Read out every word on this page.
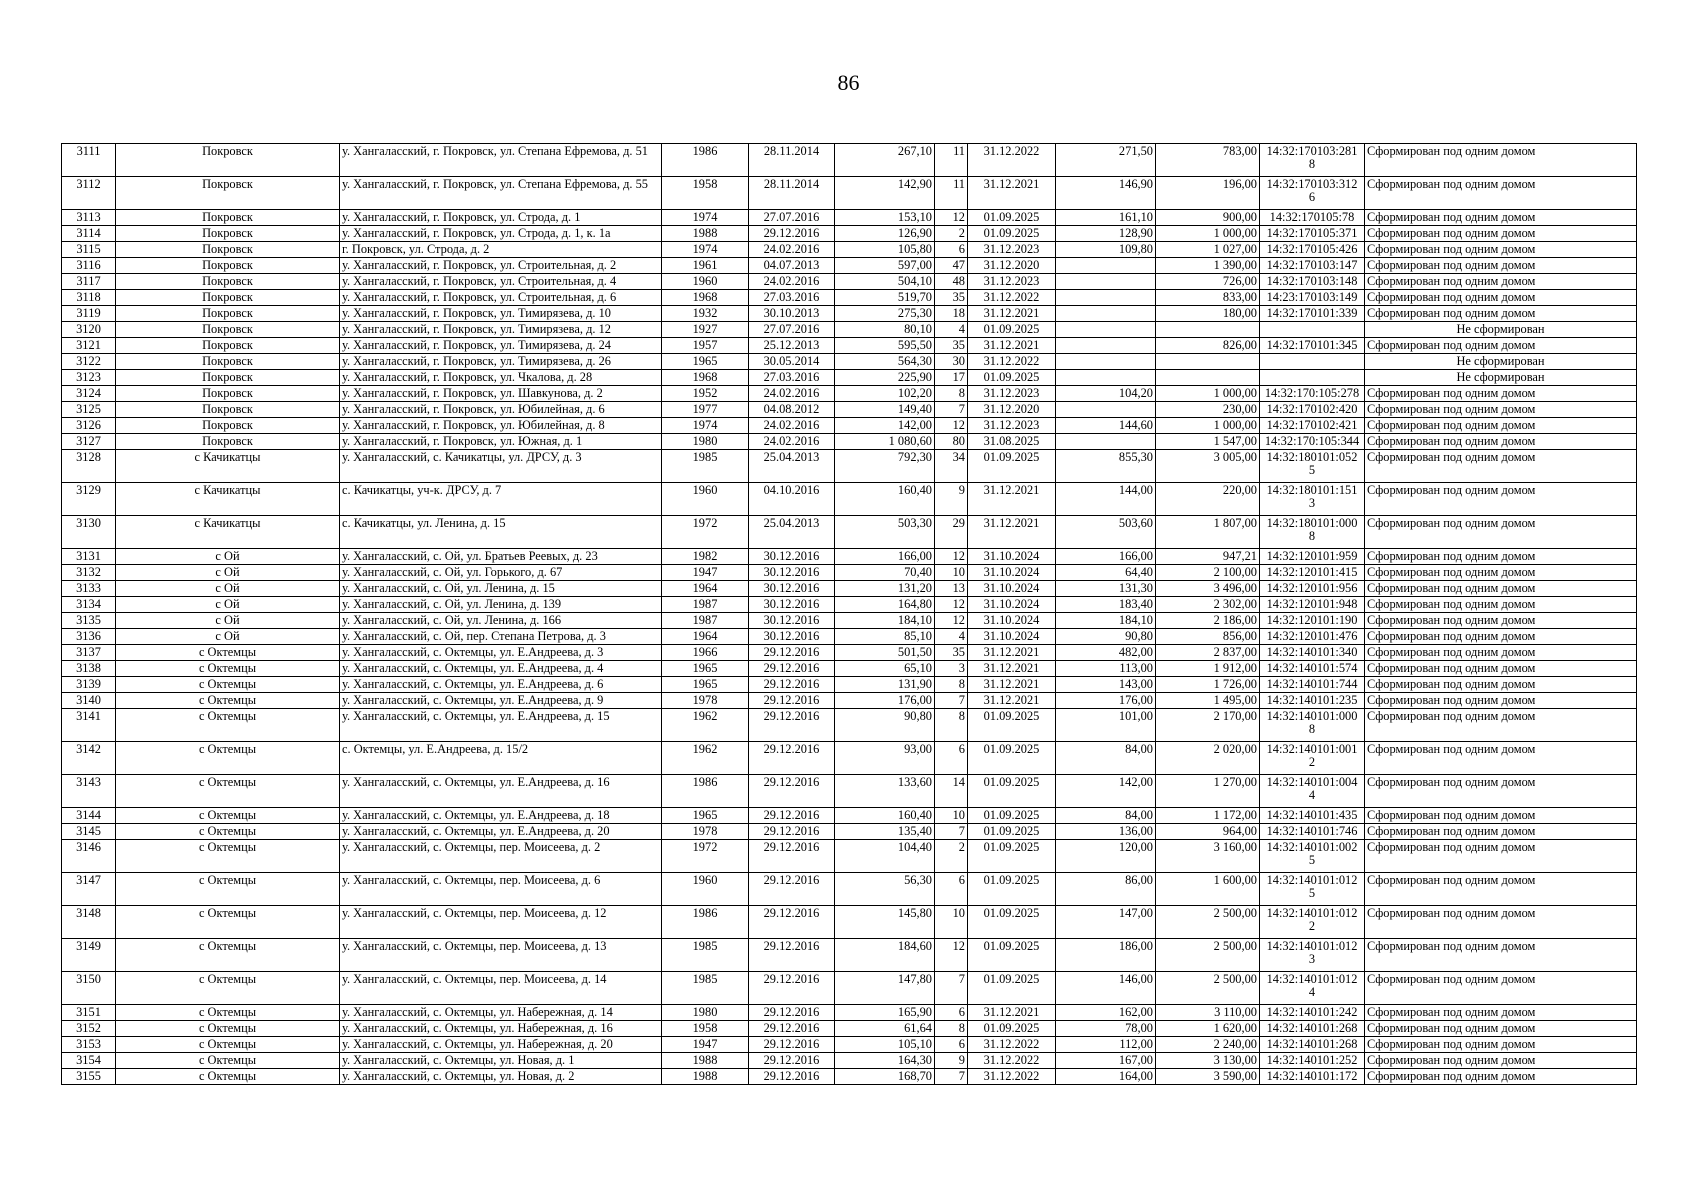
86
3111	Покровск	у. Хангаласский, г. Покровск, ул. Степана Ефремова, д. 51	1986	28.11.2014	267,10	11	31.12.2022	271,50	783,00	14:32:170103:281 8	Сформирован под одним домом
3112	Покровск	у. Хангаласский, г. Покровск, ул. Степана Ефремова, д. 55	1958	28.11.2014	142,90	11	31.12.2021	146,90	196,00	14:32:170103:312 6	Сформирован под одним домом
3113	Покровск	у. Хангаласский, г. Покровск, ул. Строда, д. 1	1974	27.07.2016	153,10	12	01.09.2025	161,10	900,00	14:32:170105:78	Сформирован под одним домом
3114	Покровск	у. Хангаласский, г. Покровск, ул. Строда, д. 1, к. 1а	1988	29.12.2016	126,90	2	01.09.2025	128,90	1 000,00	14:32:170105:371	Сформирован под одним домом
3115	Покровск	г. Покровск, ул. Строда, д. 2	1974	24.02.2016	105,80	6	31.12.2023	109,80	1 027,00	14:32:170105:426	Сформирован под одним домом
3116	Покровск	у. Хангаласский, г. Покровск, ул. Строительная, д. 2	1961	04.07.2013	597,00	47	31.12.2020		1 390,00	14:32:170103:147	Сформирован под одним домом
3117	Покровск	у. Хангаласский, г. Покровск, ул. Строительная, д. 4	1960	24.02.2016	504,10	48	31.12.2023		726,00	14:32:170103:148	Сформирован под одним домом
3118	Покровск	у. Хангаласский, г. Покровск, ул. Строительная, д. 6	1968	27.03.2016	519,70	35	31.12.2022		833,00	14:23:170103:149	Сформирован под одним домом
3119	Покровск	у. Хангаласский, г. Покровск, ул. Тимирязева, д. 10	1932	30.10.2013	275,30	18	31.12.2021		180,00	14:32:170101:339	Сформирован под одним домом
3120	Покровск	у. Хангаласский, г. Покровск, ул. Тимирязева, д. 12	1927	27.07.2016	80,10	4	01.09.2025				Не сформирован
3121	Покровск	у. Хангаласский, г. Покровск, ул. Тимирязева, д. 24	1957	25.12.2013	595,50	35	31.12.2021		826,00	14:32:170101:345	Сформирован под одним домом
3122	Покровск	у. Хангаласский, г. Покровск, ул. Тимирязева, д. 26	1965	30.05.2014	564,30	30	31.12.2022				Не сформирован
3123	Покровск	у. Хангаласский, г. Покровск, ул. Чкалова, д. 28	1968	27.03.2016	225,90	17	01.09.2025				Не сформирован
3124	Покровск	у. Хангаласский, г. Покровск, ул. Шавкунова, д. 2	1952	24.02.2016	102,20	8	31.12.2023	104,20	1 000,00	14:32:170:105:278	Сформирован под одним домом
3125	Покровск	у. Хангаласский, г. Покровск, ул. Юбилейная, д. 6	1977	04.08.2012	149,40	7	31.12.2020		230,00	14:32:170102:420	Сформирован под одним домом
3126	Покровск	у. Хангаласский, г. Покровск, ул. Юбилейная, д. 8	1974	24.02.2016	142,00	12	31.12.2023	144,60	1 000,00	14:32:170102:421	Сформирован под одним домом
3127	Покровск	у. Хангаласский, г. Покровск, ул. Южная, д. 1	1980	24.02.2016	1 080,60	80	31.08.2025		1 547,00	14:32:170:105:344	Сформирован под одним домом
3128	с Качикатцы	у. Хангаласский, с. Качикатцы, ул. ДРСУ, д. 3	1985	25.04.2013	792,30	34	01.09.2025	855,30	3 005,00	14:32:180101:052 5	Сформирован под одним домом
3129	с Качикатцы	с. Качикатцы, уч-к. ДРСУ, д. 7	1960	04.10.2016	160,40	9	31.12.2021	144,00	220,00	14:32:180101:151 3	Сформирован под одним домом
3130	с Качикатцы	с. Качикатцы, ул. Ленина, д. 15	1972	25.04.2013	503,30	29	31.12.2021	503,60	1 807,00	14:32:180101:000 8	Сформирован под одним домом
3131	с Ой	у. Хангаласский, с. Ой, ул. Братьев Реевых, д. 23	1982	30.12.2016	166,00	12	31.10.2024	166,00	947,21	14:32:120101:959	Сформирован под одним домом
3132	с Ой	у. Хангаласский, с. Ой, ул. Горького, д. 67	1947	30.12.2016	70,40	10	31.10.2024	64,40	2 100,00	14:32:120101:415	Сформирован под одним домом
3133	с Ой	у. Хангаласский, с. Ой, ул. Ленина, д. 15	1964	30.12.2016	131,20	13	31.10.2024	131,30	3 496,00	14:32:120101:956	Сформирован под одним домом
3134	с Ой	у. Хангаласский, с. Ой, ул. Ленина, д. 139	1987	30.12.2016	164,80	12	31.10.2024	183,40	2 302,00	14:32:120101:948	Сформирован под одним домом
3135	с Ой	у. Хангаласский, с. Ой, ул. Ленина, д. 166	1987	30.12.2016	184,10	12	31.10.2024	184,10	2 186,00	14:32:120101:190	Сформирован под одним домом
3136	с Ой	у. Хангаласский, с. Ой, пер. Степана Петрова, д. 3	1964	30.12.2016	85,10	4	31.10.2024	90,80	856,00	14:32:120101:476	Сформирован под одним домом
3137	с Октемцы	у. Хангаласский, с. Октемцы, ул. Е.Андреева, д. 3	1966	29.12.2016	501,50	35	31.12.2021	482,00	2 837,00	14:32:140101:340	Сформирован под одним домом
3138	с Октемцы	у. Хангаласский, с. Октемцы, ул. Е.Андреева, д. 4	1965	29.12.2016	65,10	3	31.12.2021	113,00	1 912,00	14:32:140101:574	Сформирован под одним домом
3139	с Октемцы	у. Хангаласский, с. Октемцы, ул. Е.Андреева, д. 6	1965	29.12.2016	131,90	8	31.12.2021	143,00	1 726,00	14:32:140101:744	Сформирован под одним домом
3140	с Октемцы	у. Хангаласский, с. Октемцы, ул. Е.Андреева, д. 9	1978	29.12.2016	176,00	7	31.12.2021	176,00	1 495,00	14:32:140101:235	Сформирован под одним домом
3141	с Октемцы	у. Хангаласский, с. Октемцы, ул. Е.Андреева, д. 15	1962	29.12.2016	90,80	8	01.09.2025	101,00	2 170,00	14:32:140101:000 8	Сформирован под одним домом
3142	с Октемцы	с. Октемцы, ул. Е.Андреева, д. 15/2	1962	29.12.2016	93,00	6	01.09.2025	84,00	2 020,00	14:32:140101:001 2	Сформирован под одним домом
3143	с Октемцы	у. Хангаласский, с. Октемцы, ул. Е.Андреева, д. 16	1986	29.12.2016	133,60	14	01.09.2025	142,00	1 270,00	14:32:140101:004 4	Сформирован под одним домом
3144	с Октемцы	у. Хангаласский, с. Октемцы, ул. Е.Андреева, д. 18	1965	29.12.2016	160,40	10	01.09.2025	84,00	1 172,00	14:32:140101:435	Сформирован под одним домом
3145	с Октемцы	у. Хангаласский, с. Октемцы, ул. Е.Андреева, д. 20	1978	29.12.2016	135,40	7	01.09.2025	136,00	964,00	14:32:140101:746	Сформирован под одним домом
3146	с Октемцы	у. Хангаласский, с. Октемцы, пер. Моисеева, д. 2	1972	29.12.2016	104,40	2	01.09.2025	120,00	3 160,00	14:32:140101:002 5	Сформирован под одним домом
3147	с Октемцы	у. Хангаласский, с. Октемцы, пер. Моисеева, д. 6	1960	29.12.2016	56,30	6	01.09.2025	86,00	1 600,00	14:32:140101:012 5	Сформирован под одним домом
3148	с Октемцы	у. Хангаласский, с. Октемцы, пер. Моисеева, д. 12	1986	29.12.2016	145,80	10	01.09.2025	147,00	2 500,00	14:32:140101:012 2	Сформирован под одним домом
3149	с Октемцы	у. Хангаласский, с. Октемцы, пер. Моисеева, д. 13	1985	29.12.2016	184,60	12	01.09.2025	186,00	2 500,00	14:32:140101:012 3	Сформирован под одним домом
3150	с Октемцы	у. Хангаласский, с. Октемцы, пер. Моисеева, д. 14	1985	29.12.2016	147,80	7	01.09.2025	146,00	2 500,00	14:32:140101:012 4	Сформирован под одним домом
3151	с Октемцы	у. Хангаласский, с. Октемцы, ул. Набережная, д. 14	1980	29.12.2016	165,90	6	31.12.2021	162,00	3 110,00	14:32:140101:242	Сформирован под одним домом
3152	с Октемцы	у. Хангаласский, с. Октемцы, ул. Набережная, д. 16	1958	29.12.2016	61,64	8	01.09.2025	78,00	1 620,00	14:32:140101:268	Сформирован под одним домом
3153	с Октемцы	у. Хангаласский, с. Октемцы, ул. Набережная, д. 20	1947	29.12.2016	105,10	6	31.12.2022	112,00	2 240,00	14:32:140101:268	Сформирован под одним домом
3154	с Октемцы	у. Хангаласский, с. Октемцы, ул. Новая, д. 1	1988	29.12.2016	164,30	9	31.12.2022	167,00	3 130,00	14:32:140101:252	Сформирован под одним домом
3155	с Октемцы	у. Хангаласский, с. Октемцы, ул. Новая, д. 2	1988	29.12.2016	168,70	7	31.12.2022	164,00	3 590,00	14:32:140101:172	Сформирован под одним домом
